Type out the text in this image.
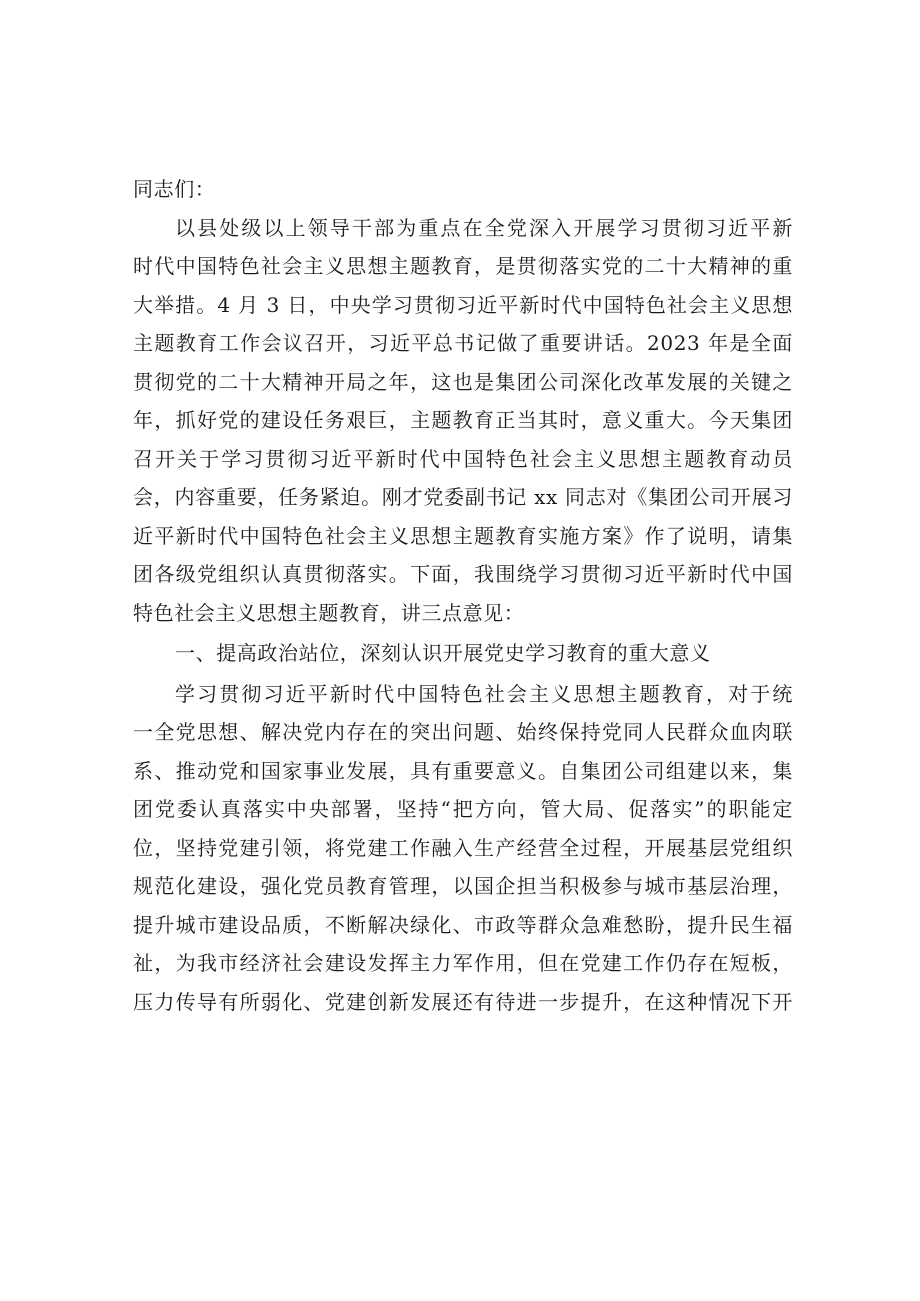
同志们：
以县处级以上领导干部为重点在全党深入开展学习贯彻习近平新
时代中国特色社会主义思想主题教育，是贯彻落实党的二十大精神的重
大举措。4 月 3 日，中央学习贯彻习近平新时代中国特色社会主义思想
主题教育工作会议召开，习近平总书记做了重要讲话。2023 年是全面
贯彻党的二十大精神开局之年，这也是集团公司深化改革发展的关键之
年，抓好党的建设任务艰巨，主题教育正当其时，意义重大。今天集团
召开关于学习贯彻习近平新时代中国特色社会主义思想主题教育动员
会，内容重要，任务紧迫。刚才党委副书记 xx 同志对《集团公司开展习
近平新时代中国特色社会主义思想主题教育实施方案》作了说明，请集
团各级党组织认真贯彻落实。下面，我围绕学习贯彻习近平新时代中国
特色社会主义思想主题教育，讲三点意见：
一、提高政治站位，深刻认识开展党史学习教育的重大意义
学习贯彻习近平新时代中国特色社会主义思想主题教育，对于统
一全党思想、解决党内存在的突出问题、始终保持党同人民群众血肉联
系、推动党和国家事业发展，具有重要意义。自集团公司组建以来，集
团党委认真落实中央部署，坚持“把方向，管大局、促落实”的职能定
位，坚持党建引领，将党建工作融入生产经营全过程，开展基层党组织
规范化建设，强化党员教育管理，以国企担当积极参与城市基层治理，
提升城市建设品质，不断解决绿化、市政等群众急难愁盼，提升民生福
祉，为我市经济社会建设发挥主力军作用，但在党建工作仍存在短板，
压力传导有所弱化、党建创新发展还有待进一步提升，在这种情况下开
